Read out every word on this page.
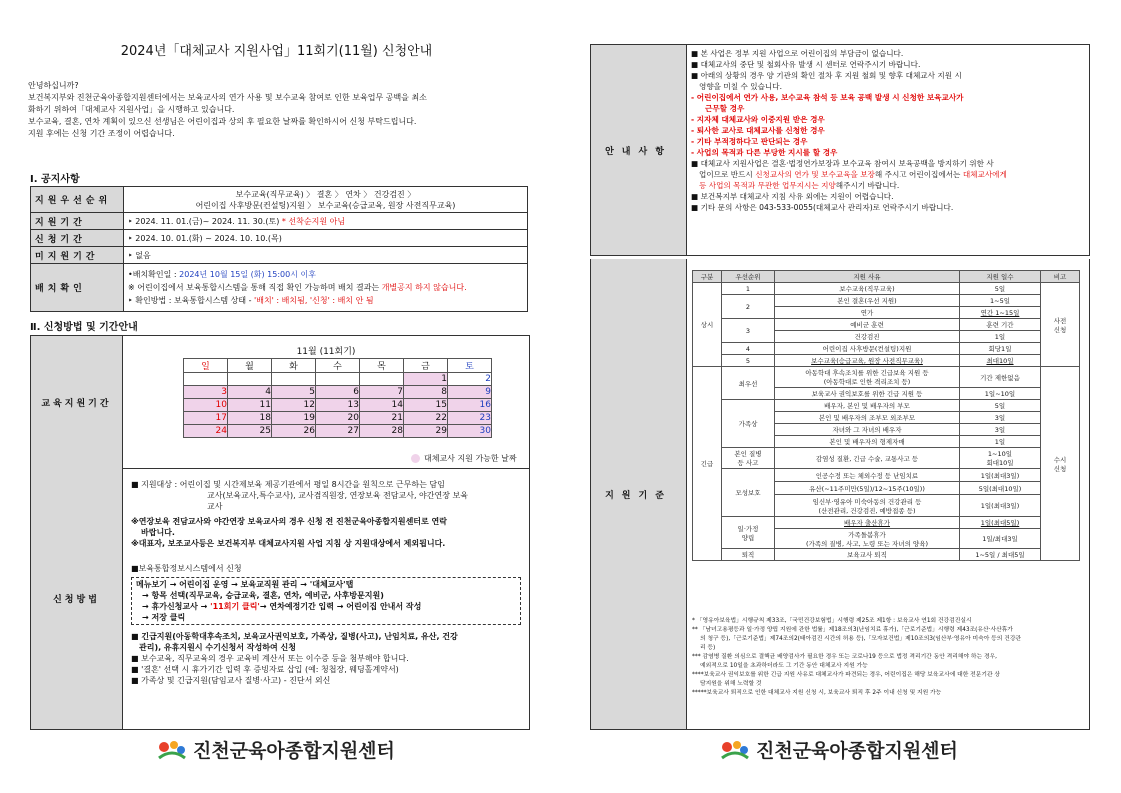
2024년「대체교사 지원사업」11회기(11월) 신청안내

안녕하십니까?

보건복지부와 진천군육아종합지원센터에서는 보육교사의 연가 사용 및 보수교육 참여로 인한 보육업무 공백을 최소

화하기 위하여「대체교사 지원사업」을 시행하고 있습니다.

보수교육, 결혼, 연차 계획이 있으신 선생님은 어린이집과 상의 후 필요한 날짜를 확인하시어 신청 부탁드립니다.

지원 후에는 신청 기간 조정이 어렵습니다.

Ⅰ. 공지사항
지원우선순위	보수교육(직무교육) 〉 결혼 〉 연차 〉 건강검진 〉
어린이집 사후방문(컨설팅)지원 〉 보수교육(승급교육, 원장 사전직무교육)

지원기간	‣ 2024. 11. 01.(금)~ 2024. 11. 30.(토) * 선착순지원 아님
신청기간	‣ 2024. 10. 01.(화) ~ 2024. 10. 10.(목)
미지원기간	‣ 없음
배치확인	•배치확인일 : 2024년 10월 15일 (화) 15:00시 이후
※ 어린이집에서 보육통합시스템을 통해 직접 확인 가능하며 배치 결과는 개별공지 하지 않습니다.
‣ 확인방법 : 보육통합시스템 상태 - '배치' : 배치됨, '신청' : 배치 안 됨
Ⅱ. 신청방법 및 기간안내
교육지원기간
11월 (11회기)
일	월	화	수	목	금	토
					1	2
3	4	5	6	7	8	9
10	11	12	13	14	15	16
17	18	19	20	21	22	23
24	25	26	27	28	29	30
대체교사 지원 가능한 날짜
신청방법

■ 지원대상 : 어린이집 및 시간제보육 제공기관에서 평일 8시간을 원칙으로 근무하는 담임

교사(보육교사,특수교사), 교사겸직원장, 연장보육 전담교사, 야간연장 보육

교사

※연장보육 전담교사와 야간연장 보육교사의 경우 신청 전 진천군육아종합지원센터로 연락

바랍니다.

※대표자, 보조교사등은 보건복지부 대체교사지원 사업 지침 상 지원대상에서 제외됩니다.

■보육통합정보시스템에서 신청

메뉴보기 → 어린이집 운영 → 보육교직원 관리 → '대체교사'탭

→ 항목 선택(직무교육, 승급교육, 결혼, 연차, 예비군, 사후방문지원)

→ 휴가신청교사 → '11회기 클릭'→ 연차예정기간 입력 → 어린이집 안내서 작성

→ 저장 클릭

■ 긴급지원(아동학대후속조치, 보육교사권익보호, 가족상, 질병(사고), 난임치료, 유산, 건강

관리), 유휴지원시 수기신청서 작성하여 신청

■ 보수교육, 직무교육의 경우 교육비 계산서 또는 이수증 등을 첨부해야 합니다.

■ '결혼' 선택 시 휴가기간 입력 후 증빙자료 삽입 (예: 청첩장, 웨딩홀계약서)

■ 가족상 및 긴급지원(담임교사 질병·사고) - 진단서 외신

진천군육아종합지원센터
안내사항

■ 본 사업은 정부 지원 사업으로 어린이집의 부담금이 없습니다.

■ 대체교사의 중단 및 철회사유 발생 시 센터로 연락주시기 바랍니다.

■ 아래의 상황의 경우 양 기관의 확인 절차 후 지원 철회 및 향후 대체교사 지원 시

영향을 미칠 수 있습니다.

- 어린이집에서 연가 사용, 보수교육 참석 등 보육 공백 발생 시 신청한 보육교사가

근무할 경우

- 지자체 대체교사와 이중지원 받은 경우

- 퇴사한 교사로 대체교사를 신청한 경우

- 기타 부적정하다고 판단되는 경우

- 사업의 목적과 다른 부당한 지시를 할 경우

■ 대체교사 지원사업은 결혼·법정연가보장과 보수교육 참여시 보육공백을 방지하기 위한 사

업이므로 반드시 신청교사의 연가 및 보수교육을 보장해 주시고 어린이집에서는 대체교사에게

등 사업의 목적과 무관한 업무지시는 지양해주시기 바랍니다.

■ 보건복지부 대체교사 지침 사유 외에는 지원이 어렵습니다.

■ 기타 문의 사항은 043-533-0055(대체교사 관리자)로 연락주시기 바랍니다.

지원기준
구분	우선순위	지원 사유	지원 일수	비고
상시	1	보수교육(직무교육)	5일	사전
신청
	2	본인 결혼(우선 지원)	1~5일	
		연가	연간 1~15일	
	3	예비군 훈련	훈련 기간	
		건강검진	1일	
	4	어린이집 사후방문(컨설팅)지원	회당1일	
	5	보수교육(승급교육, 원장 사전직무교육)	최대10일	
긴급	최우선	아동학대 후속조치를 위한 긴급보육 지원 등
(아동학대로 인한 격리조치 등)	기간 제한없음	수시
신청
		보육교사 권익보호를 위한 긴급 지원 등	1일~10일	
	가족상	배우자, 본인 및 배우자의 부모	5일	
		본인 및 배우자의 조부모 외조부모	3일	
		자녀와 그 자녀의 배우자	3일	
		본인 및 배우자의 형제자매	1일	
	본인 질병
등 사고	감염성 질환, 긴급 수술, 교통사고 등	1~10일
회대10일	
	모성보호	인공수정 또는 체외수정 등 난임치료	1일(최대3일)	
		유산(~11주미만(5일)/12~15주(10일))	5일(최대10일)	
		임신부·영유아 미숙아동의 건강관리 등
(산전관리, 건강검진, 예방접종 등)	1일(최대3일)	
	일·가정
양립	배우자 출산휴가	1일(최대5일)	
		가족돌봄휴가
(가족의 질병, 사고, 노령 또는 자녀의 양육)	1일/최대3일	
	퇴직	보육교사 퇴직	1~5일 / 최대5일	

* 「영유아보육법」시행규칙 제33조,「국민건강보험법」시행령 제25조 제1항 : 보육교사 연1회 건강검진실시

** 「남녀고용평등과 일·가정 양립 지원에 관한 법률」제18조의3(난임치료 휴가),「근로기준법」시행령 제43조(유산·사산휴가

의 청구 등),「근로기준법」제74조의2(태아검진 시간의 허용 등),「모자보건법」제10조의3(임산부·영유아 미숙아 등의 건강관

리 등)

*** 감염병 질환 의심으로 결핵균 배양검사가 필요한 경우 또는 코로나19 등으로 법정 격리기간 동안 격리해야 하는 경우,

예외적으로 10일을 초과하더라도 그 기간 동안 대체교사 지원 가능

****보육교사 권익보호를 위한 긴급 지원 사유로 대체교사가 파견되는 경우, 어린이집은 해당 보육교사에 대한 전문기관 상

담지원을 위해 노력할 것

*****보육교사 퇴직으로 인한 대체교사 지원 신청 시, 보육교사 퇴직 후 2주 이내 신청 및 지원 가능

진천군육아종합지원센터
